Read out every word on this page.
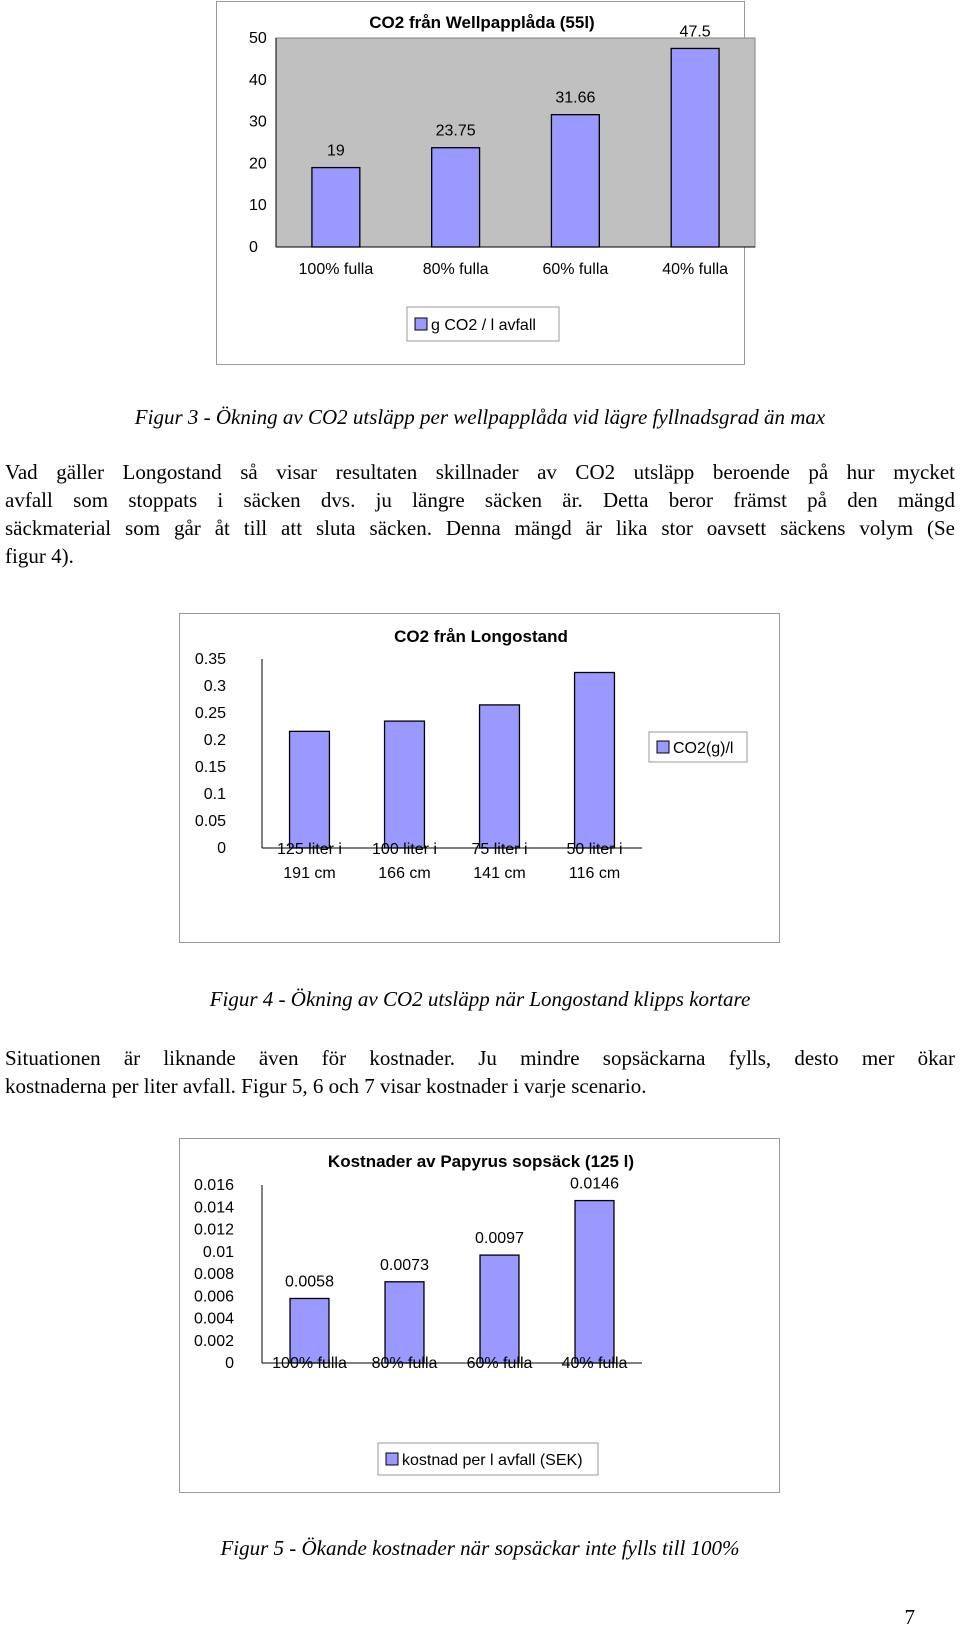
CO2 från Wellpapplåda (55l)
0
10
20
30
40
50
19
100% fulla
23.75
80% fulla
31.66
60% fulla
47.5
40% fulla
g CO2 / l avfall
Figur 3 - Ökning av CO2 utsläpp per wellpapplåda vid lägre fyllnadsgrad än max
Vad gäller Longostand så visar resultaten skillnader av CO2 utsläpp beroende på hur mycket
avfall som stoppats i säcken dvs. ju längre säcken är. Detta beror främst på den mängd
säckmaterial som går åt till att sluta säcken. Denna mängd är lika stor oavsett säckens volym (Se
figur 4).
CO2 från Longostand
0
0.05
0.1
0.15
0.2
0.25
0.3
0.35
125 liter i
191 cm
100 liter i
166 cm
75 liter i
141 cm
50 liter i
116 cm
CO2(g)/l
Figur 4 - Ökning av CO2 utsläpp när Longostand klipps kortare
Situationen är liknande även för kostnader. Ju mindre sopsäckarna fylls, desto mer ökar
kostnaderna per liter avfall. Figur 5, 6 och 7 visar kostnader i varje scenario.
Kostnader av Papyrus sopsäck (125 l)
0
0.002
0.004
0.006
0.008
0.01
0.012
0.014
0.016
0.0058
100% fulla
0.0073
80% fulla
0.0097
60% fulla
0.0146
40% fulla
kostnad per l avfall (SEK)
Figur 5 - Ökande kostnader när sopsäckar inte fylls till 100%
7
